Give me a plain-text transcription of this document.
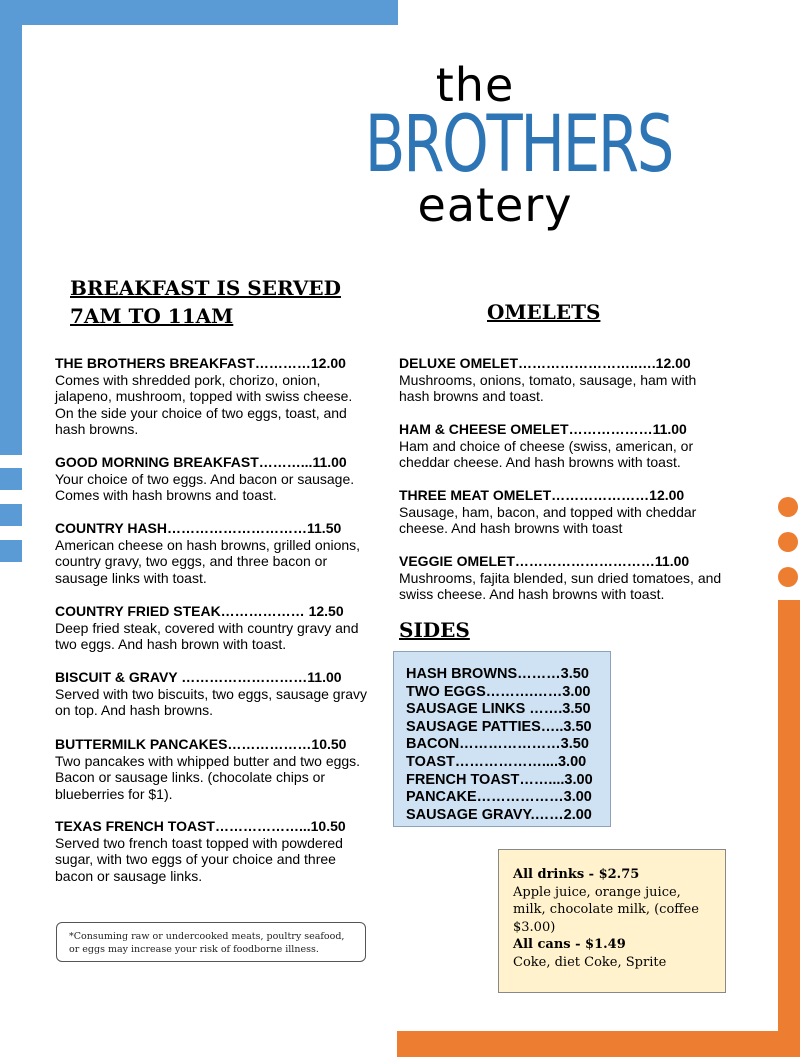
the
BROTHERS
eatery
BREAKFAST IS SERVED
7AM TO 11AM	OMELETS
THE BROTHERS BREAKFAST…………12.00
Comes with shredded pork, chorizo, onion, jalapeno, mushroom, topped with swiss cheese. On the side your choice of two eggs, toast, and hash browns.
GOOD MORNING BREAKFAST………...11.00
Your choice of two eggs. And bacon or sausage. Comes with hash browns and toast.
COUNTRY HASH…………………………11.50
American cheese on hash browns, grilled onions, country gravy, two eggs, and three bacon or sausage links with toast.
COUNTRY FRIED STEAK……………… 12.50
Deep fried steak, covered with country gravy and two eggs. And hash brown with toast.
BISCUIT & GRAVY ………………………11.00
Served with two biscuits, two eggs, sausage gravy on top. And hash browns.
BUTTERMILK PANCAKES………………10.50
Two pancakes with whipped butter and two eggs. Bacon or sausage links. (chocolate chips or blueberries for $1).
TEXAS FRENCH TOAST………………...10.50
Served two french toast topped with powdered sugar, with two eggs of your choice and three bacon or sausage links.
DELUXE OMELET……………………..….12.00
Mushrooms, onions, tomato, sausage, ham with hash browns and toast.
HAM & CHEESE OMELET………………11.00
Ham and choice of cheese (swiss, american, or cheddar cheese. And hash browns with toast.
THREE MEAT OMELET…………………12.00
Sausage, ham, bacon, and topped with cheddar cheese. And hash browns with toast
VEGGIE OMELET…………………………11.00
Mushrooms, fajita blended, sun dried tomatoes, and swiss cheese. And hash browns with toast.
SIDES
HASH BROWNS………3.50
TWO EGGS……….……3.00
SAUSAGE LINKS …….3.50
SAUSAGE PATTIES…..3.50
BACON…………………3.50
TOAST………………....3.00
FRENCH TOAST……....3.00
PANCAKE………………3.00
SAUSAGE GRAVY.……2.00
All drinks - $2.75
Apple juice, orange juice, milk, chocolate milk, (coffee $3.00)
All cans - $1.49
Coke, diet Coke, Sprite
*Consuming raw or undercooked meats, poultry seafood, or eggs may increase your risk of foodborne illness.
